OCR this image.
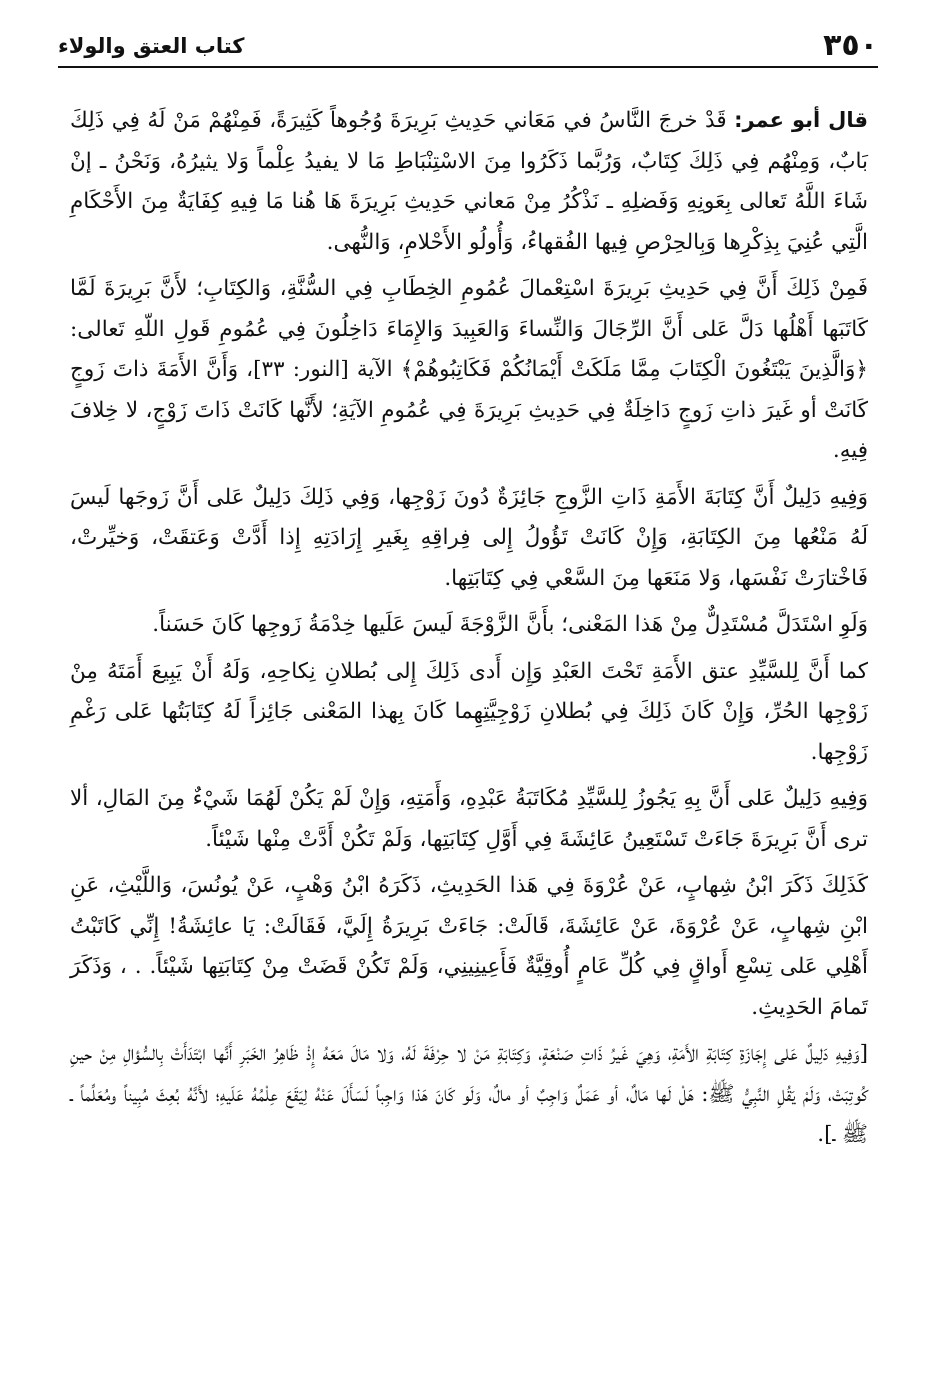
٣٥٠
كتاب العتق والولاء

قال أبو عمر: قَدْ خرجَ النَّاسُ في مَعَاني حَدِيثِ بَرِيرَةَ وُجُوهاً كَثِيرَةً، فَمِنْهُمْ مَنْ لَهُ فِي ذَلِكَ بَابٌ، وَمِنْهُم فِي ذَلِكَ كِتَابٌ، وَرُبَّما ذَكَرُوا مِنَ الاسْتِنْبَاطِ مَا لا يفيدُ عِلْماً وَلا يثيرُهُ، وَنَحْنُ ـ إنْ شَاءَ اللَّهُ تَعالى بِعَونِهِ وَفَضلِهِ ـ نَذْكُرُ مِنْ مَعاني حَدِيثِ بَرِيرَةَ هَا هُنا مَا فِيهِ كِفَايَةٌ مِنَ الأَحْكَامِ الَّتِي عُنِيَ بِذِكْرِها وَبِالحِرْصِ فِيها الفُقهاءُ، وَأُولُو الأَحْلامِ، وَالنُّهى.

فَمِنْ ذَلِكَ أَنَّ فِي حَدِيثِ بَرِيرَةَ اسْتِعْمالَ عُمُومِ الخِطَابِ فِي السُّنَّةِ، وَالكِتَابِ؛ لأَنَّ بَرِيرَةَ لَمَّا كَاتَبَها أَهْلُها دَلَّ عَلى أَنَّ الرِّجَالَ وَالنِّساءَ وَالعَبِيدَ وَالإِمَاءَ دَاخِلُونَ فِي عُمُومِ قَولِ اللّهِ تَعالى: ﴿وَالَّذِينَ يَبْتَغُونَ الْكِتَابَ مِمَّا مَلَكَتْ أَيْمَانُكُمْ فَكَاتِبُوهُمْ﴾ الآية [النور: ٣٣]، وَأَنَّ الأَمَةَ ذاتَ زَوجٍ كَانَتْ أو غَيرَ ذاتِ زَوجٍ دَاخِلَةٌ فِي حَدِيثِ بَرِيرَةَ فِي عُمُومِ الآيَةِ؛ لأَنَّها كَانَتْ ذَاتَ زَوْجٍ، لا خِلافَ فِيهِ.

وَفِيهِ دَلِيلٌ أَنَّ كِتَابَةَ الأَمَةِ ذَاتِ الزَّوجِ جَائِزَةٌ دُونَ زَوْجِها، وَفِي ذَلِكَ دَلِيلٌ عَلى أَنَّ زَوجَها لَيسَ لَهُ مَنْعُها مِنَ الكِتَابَةِ، وَإِنْ كَانَتْ تَؤُولُ إِلى فِراقِهِ بِغَيرِ إِرَادَتِهِ إِذا أَدَّتْ وَعَتقَتْ، وَخيِّرتْ، فَاخْتارَتْ نَفْسَها، وَلا مَنَعَها مِنَ السَّعْي فِي كِتَابَتِها.

وَلَوِ اسْتَدَلَّ مُسْتَدِلٌّ مِنْ هَذا المَعْنى؛ بأَنَّ الزَّوْجَةَ لَيسَ عَلَيها خِدْمَةُ زَوجِها كَانَ حَسَناً.

كما أَنَّ لِلسَّيِّدِ عتق الأَمَةِ تَحْتَ العَبْدِ وَإِن أَدى ذَلِكَ إِلى بُطلانِ نِكاحِهِ، وَلَهُ أَنْ يَبِيعَ أَمَتَهُ مِنْ زَوْجِها الحُرِّ، وَإِنْ كَانَ ذَلِكَ فِي بُطلانِ زَوْجِيَّتِهِما كَانَ بِهذا المَعْنى جَائِزاً لَهُ كِتَابَتُها عَلى رَغْمِ زَوْجِها.

وَفِيهِ دَلِيلٌ عَلى أَنَّ بِهِ يَجُوزُ لِلسَّيِّدِ مُكَاتَبَةُ عَبْدِهِ، وَأَمَتِهِ، وَإِنْ لَمْ يَكُنْ لَهُمَا شَيْءٌ مِنَ المَالِ، ألا ترى أَنَّ بَرِيرَةَ جَاءَتْ تَسْتَعِينُ عَائِشَةَ فِي أَوَّلِ كِتَابَتِها، وَلَمْ تَكُنْ أَدَّتْ مِنْها شَيْئاً.

كَذَلِكَ ذَكَرَ ابْنُ شِهابٍ، عَنْ عُرْوَةَ فِي هَذا الحَدِيثِ، ذَكَرَهُ ابْنُ وَهْبٍ، عَنْ يُونُسَ، وَاللَّيْثِ، عَنِ ابْنِ شِهابٍ، عَنْ عُرْوَةَ، عَنْ عَائِشَةَ، قَالَتْ: جَاءَتْ بَرِيرَةُ إِلَيَّ، فَقَالَتْ: يَا عائِشَةُ! إِنِّي كَاتَبْتُ أَهْلِي عَلى تِسْعِ أَواقٍ فِي كُلِّ عَامٍ أُوقِيَّةٌ فَأَعِينِينِي، وَلَمْ تَكُنْ قَضَتْ مِنْ كِتَابَتِها شَيْئاً. . ، وَذَكَرَ تَمامَ الحَدِيثِ.

[وَفِيهِ دَلِيلٌ عَلى إِجَازَةِ كِتَابَةِ الأَمَةِ، وَهِيَ غَيرُ ذَاتِ صَنْعَةٍ، وَكِتَابَةِ مَنْ لا حِرْفَةَ لَهُ، وَلا مَالَ مَعَهُ إِذْ ظَاهِرُ الخَبَرِ أَنَّها ابْتَدَأَتْ بِالسُّؤالِ مِنْ حينِ كُوتِبَتْ، وَلَمْ يَقُلِ النَّبِيُّ ﷺ: هَلْ لَها مَالٌ، أو عَمَلٌ وَاجِبٌ أو مالٌ، وَلَو كَانَ هَذا وَاجِباً لَسَأَلَ عَنْهُ لِيَقَعَ عِلْمُهُ عَلَيهِ؛ لأَنَّهُ بُعِثَ مُبِيناً ومُعَلِّماً ـ ﷺ ـ].
